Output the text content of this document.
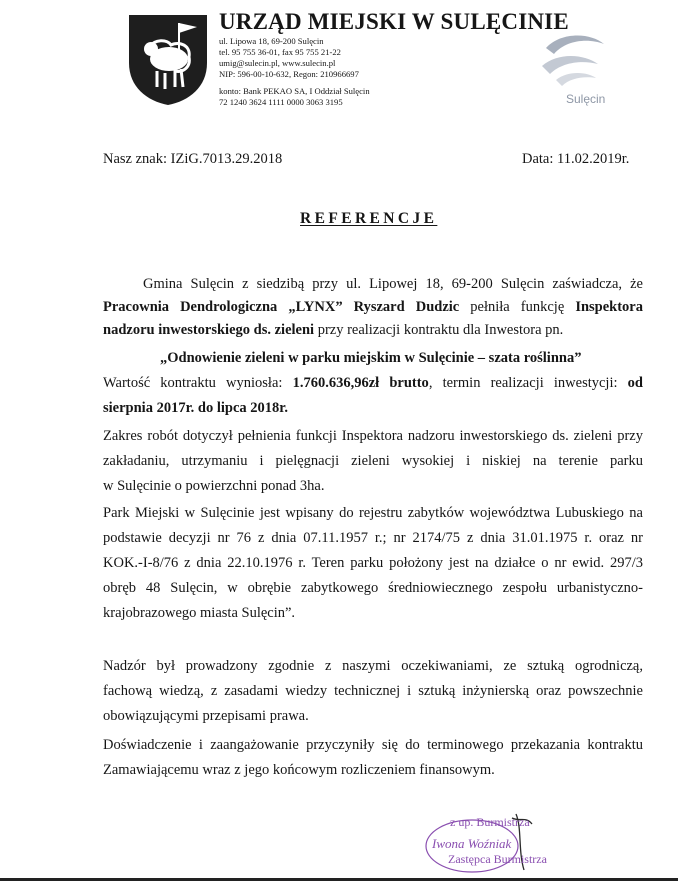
URZĄD MIEJSKI W SULĘCINIE
ul. Lipowa 18, 69-200 Sulęcin
tel. 95 755 36-01, fax 95 755 21-22
umig@sulecin.pl, www.sulecin.pl
NIP: 596-00-10-632, Regon: 210966697
konto: Bank PEKAO SA, I Oddział Sulęcin
72 1240 3624 1111 0000 3063 3195	Sulęcin
Nasz znak: IZiG.7013.29.2018	Data: 11.02.2019r.
REFERENCJE
Gmina Sulęcin z siedzibą przy ul. Lipowej 18, 69-200 Sulęcin zaświadcza, że
Pracownia Dendrologiczna „LYNX” Ryszard Dudzic pełniła funkcję Inspektora
nadzoru inwestorskiego ds. zieleni przy realizacji kontraktu dla Inwestora pn.
„Odnowienie zieleni w parku miejskim w Sulęcinie – szata roślinna”
Wartość kontraktu wyniosła: 1.760.636,96zł brutto, termin realizacji inwestycji: od
sierpnia 2017r. do lipca 2018r.
Zakres robót dotyczył pełnienia funkcji Inspektora nadzoru inwestorskiego ds. zieleni przy
zakładaniu, utrzymaniu i pielęgnacji zieleni wysokiej i niskiej na terenie parku
w Sulęcinie o powierzchni ponad 3ha.
Park Miejski w Sulęcinie jest wpisany do rejestru zabytków województwa Lubuskiego na
podstawie decyzji nr 76 z dnia 07.11.1957 r.; nr 2174/75 z dnia 31.01.1975 r. oraz nr
KOK.-I-8/76 z dnia 22.10.1976 r. Teren parku położony jest na działce o nr ewid. 297/3
obręb 48 Sulęcin, w obrębie zabytkowego średniowiecznego zespołu urbanistyczno-
krajobrazowego miasta Sulęcin”.
Nadzór był prowadzony zgodnie z naszymi oczekiwaniami, ze sztuką ogrodniczą,
fachową wiedzą, z zasadami wiedzy technicznej i sztuką inżynierską oraz powszechnie
obowiązującymi przepisami prawa.
Doświadczenie i zaangażowanie przyczyniły się do terminowego przekazania kontraktu
Zamawiającemu wraz z jego końcowym rozliczeniem finansowym.
z up. Burmistrza
Iwona Woźniak
Zastępca Burmistrza
